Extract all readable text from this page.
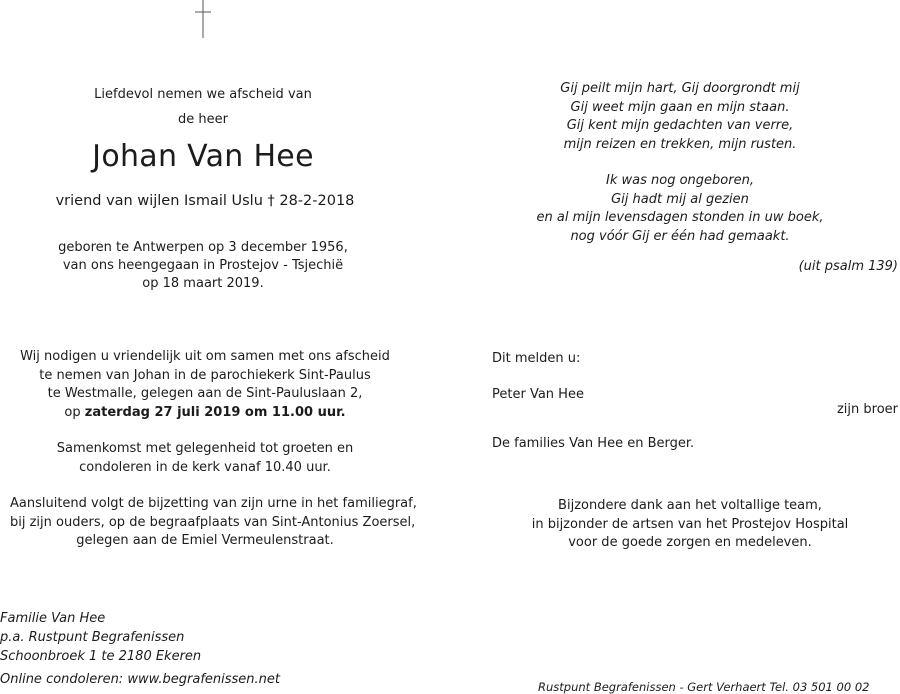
Liefdevol nemen we afscheid van
de heer
Johan Van Hee
vriend van wijlen Ismail Uslu † 28-2-2018
geboren te Antwerpen op 3 december 1956,
van ons heengegaan in Prostejov - Tsjechië
op 18 maart 2019.
Gij peilt mijn hart, Gij doorgrondt mij
Gij weet mijn gaan en mijn staan.
Gij kent mijn gedachten van verre,
mijn reizen en trekken, mijn rusten.
Ik was nog ongeboren,
Gij hadt mij al gezien
en al mijn levensdagen stonden in uw boek,
nog vóór Gij er één had gemaakt.
(uit psalm 139)
Wij nodigen u vriendelijk uit om samen met ons afscheid
te nemen van Johan in de parochiekerk Sint-Paulus
te Westmalle, gelegen aan de Sint-Pauluslaan 2,
op zaterdag 27 juli 2019 om 11.00 uur.
Samenkomst met gelegenheid tot groeten en
condoleren in de kerk vanaf 10.40 uur.
Aansluitend volgt de bijzetting van zijn urne in het familiegraf,
bij zijn ouders, op de begraafplaats van Sint-Antonius Zoersel,
gelegen aan de Emiel Vermeulenstraat.
Dit melden u:
Peter Van Hee
zijn broer
De families Van Hee en Berger.
Bijzondere dank aan het voltallige team,
in bijzonder de artsen van het Prostejov Hospital
voor de goede zorgen en medeleven.
Familie Van Hee
p.a. Rustpunt Begrafenissen
Schoonbroek 1 te 2180 Ekeren
Online condoleren: www.begrafenissen.net	Rustpunt Begrafenissen - Gert Verhaert Tel. 03 501 00 02
